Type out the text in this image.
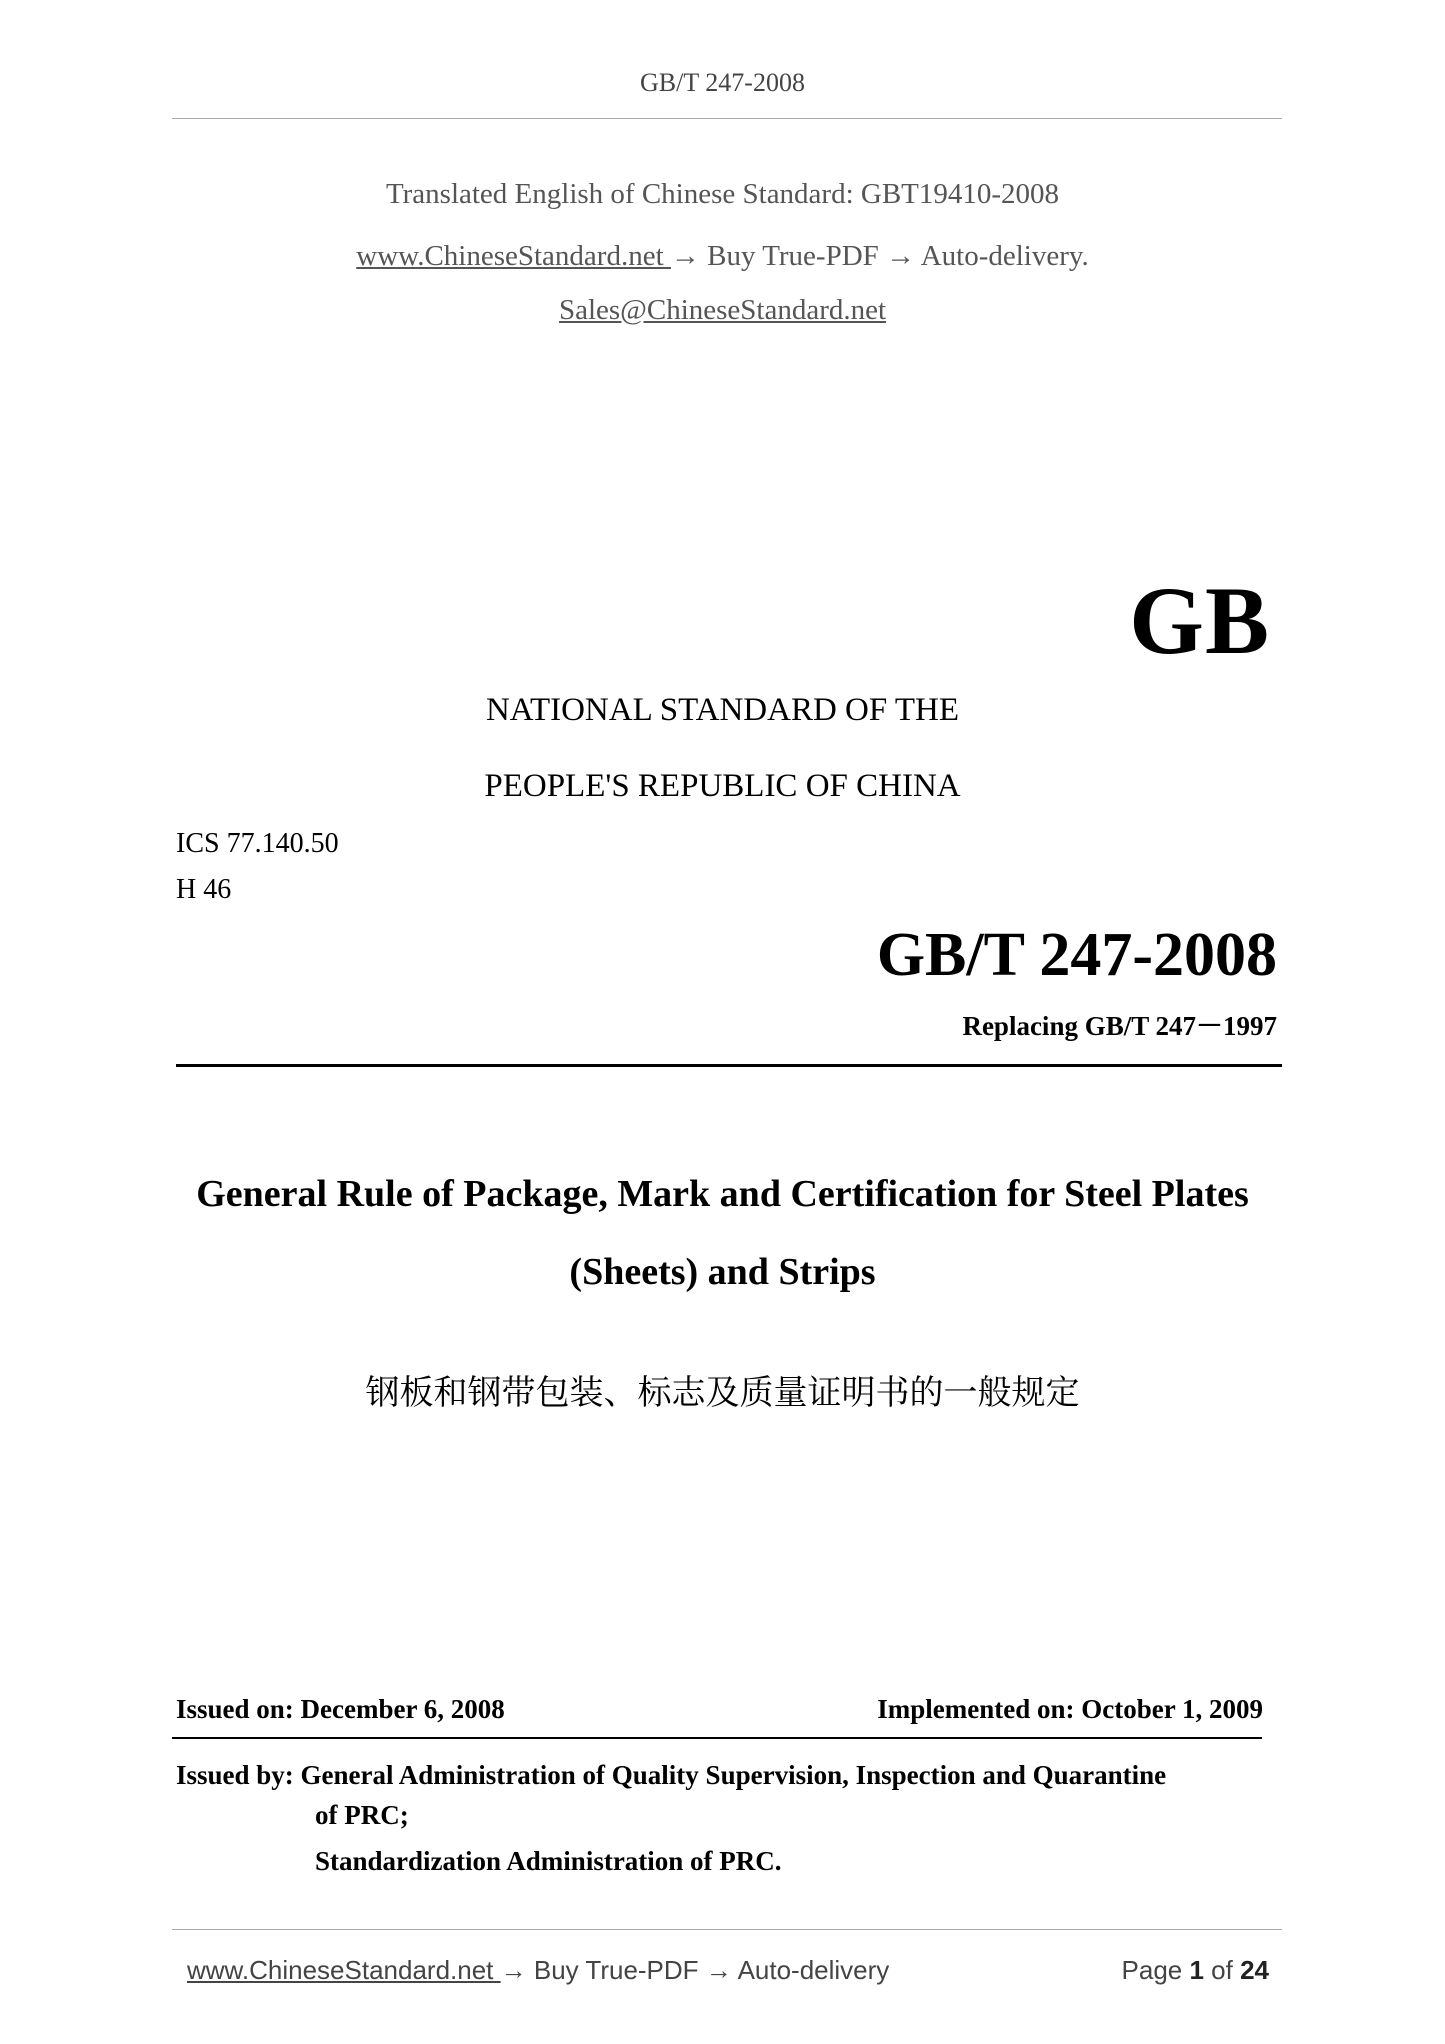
GB/T 247-2008
Translated English of Chinese Standard: GBT19410-2008
www.ChineseStandard.net → Buy True-PDF → Auto-delivery.
Sales@ChineseStandard.net
GB
NATIONAL STANDARD OF THE
PEOPLE'S REPUBLIC OF CHINA
ICS 77.140.50
H 46
GB/T 247-2008
Replacing GB/T 247－1997
General Rule of Package, Mark and Certification for Steel Plates
(Sheets) and Strips
钢板和钢带包装、标志及质量证明书的一般规定
Issued on: December 6, 2008	Implemented on: October 1, 2009
Issued by: General Administration of Quality Supervision, Inspection and Quarantine
of PRC;
Standardization Administration of PRC.
www.ChineseStandard.net → Buy True-PDF → Auto-delivery	Page 1 of 24
